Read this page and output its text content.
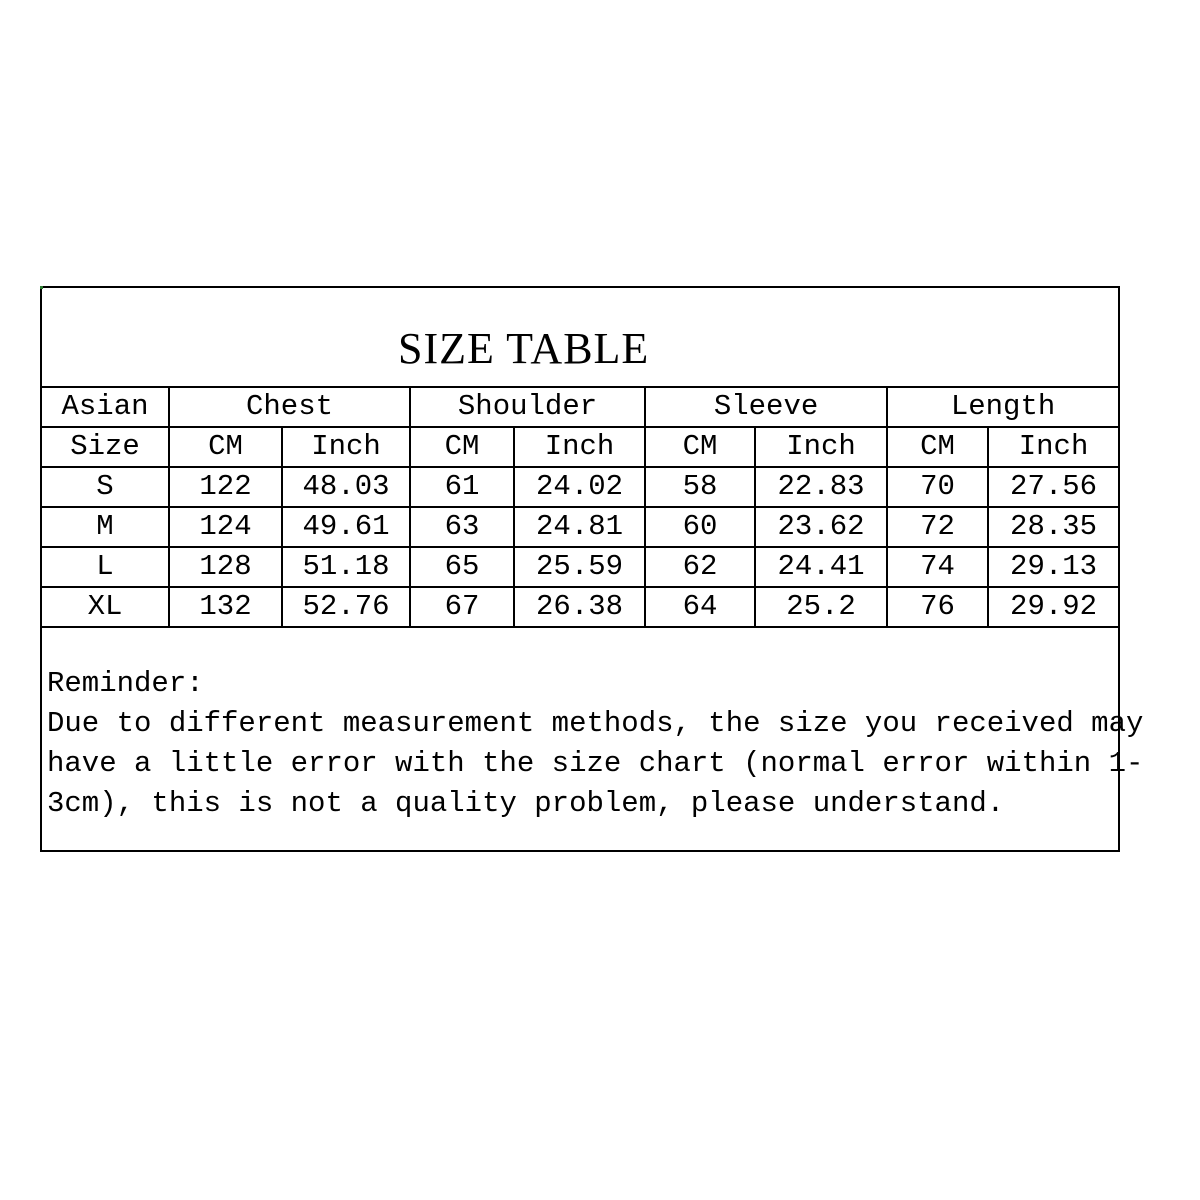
SIZE TABLE
Asian	Chest		Shoulder		Sleeve		Length	
Size	CM	Inch	CM	Inch	CM	Inch	CM	Inch
S	122	48.03	61	24.02	58	22.83	70	27.56
M	124	49.61	63	24.81	60	23.62	72	28.35
L	128	51.18	65	25.59	62	24.41	74	29.13
XL	132	52.76	67	26.38	64	25.2	76	29.92
Reminder:
Due to different measurement methods, the size you received may
have a little error with the size chart (normal error within 1-
3cm), this is not a quality problem, please understand.
